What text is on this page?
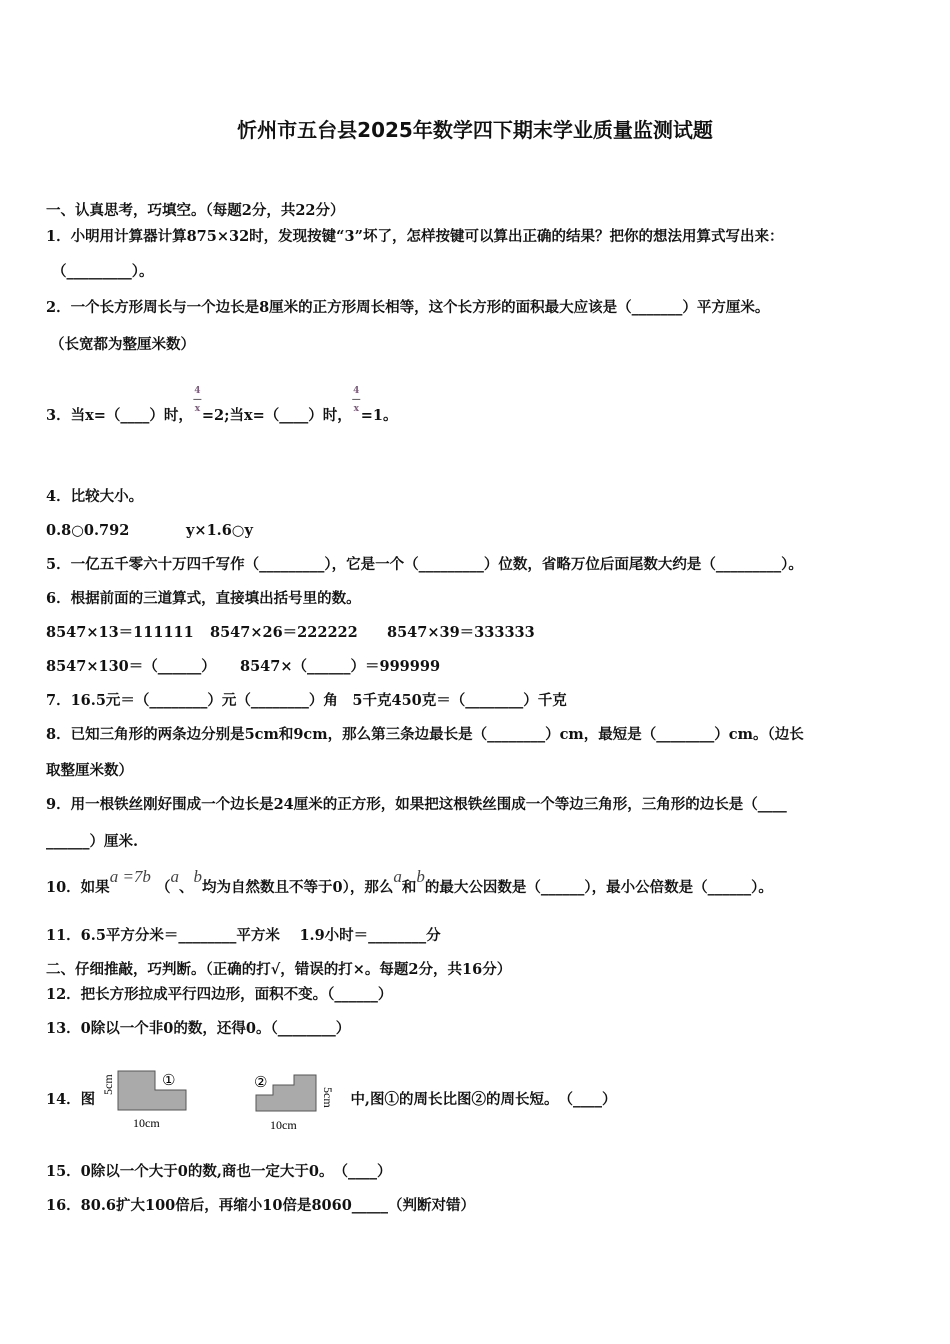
忻州市五台县2025年数学四下期末学业质量监测试题
一、认真思考，巧填空。（每题2分，共22分）
1．小明用计算器计算875×32时，发现按键“3”坏了，怎样按键可以算出正确的结果？把你的想法用算式写出来：
（_________）。
2．一个长方形周长与一个边长是8厘米的正方形周长相等，这个长方形的面积最大应该是（_______）平方厘米。
（长宽都为整厘米数）
3．当x=（____）时，4
—
x =2;当x=（____）时，4
—
x =1。
4．比较大小。
0.8○0.792	y×1.6○y
5．一亿五千零六十万四千写作（_________），它是一个（_________）位数，省略万位后面尾数大约是（_________）。
6．根据前面的三道算式，直接填出括号里的数。
8547×13＝111111 8547×26＝222222 8547×39＝333333
8547×130＝（______） 8547×（______）＝999999
7．16.5元＝（________）元（________）角　5千克450克＝（________）千克
8．已知三角形的两条边分别是5cm和9cm，那么第三条边最长是（________）cm，最短是（________）cm。（边长
取整厘米数）
9．用一根铁丝刚好围成一个边长是24厘米的正方形，如果把这根铁丝围成一个等边三角形，三角形的边长是（____
______）厘米.
10．如果a =7b （a、b均为自然数且不等于0），那么a和b的最大公因数是（______），最小公倍数是（______）。
11．6.5平方分米＝________平方米　 1.9小时＝________分
二、仔细推敲，巧判断。（正确的打√，错误的打×。每题2分，共16分）
12．把长方形拉成平行四边形，面积不变。（______）
13．0除以一个非0的数，还得0。（________）
14．图
5cm	①
10cm

②
5cm
10cm
中,图①的周长比图②的周长短。　（____）
15．0除以一个大于0的数,商也一定大于0。　（____）
16．80.6扩大100倍后，再缩小10倍是8060_____（判断对错）
